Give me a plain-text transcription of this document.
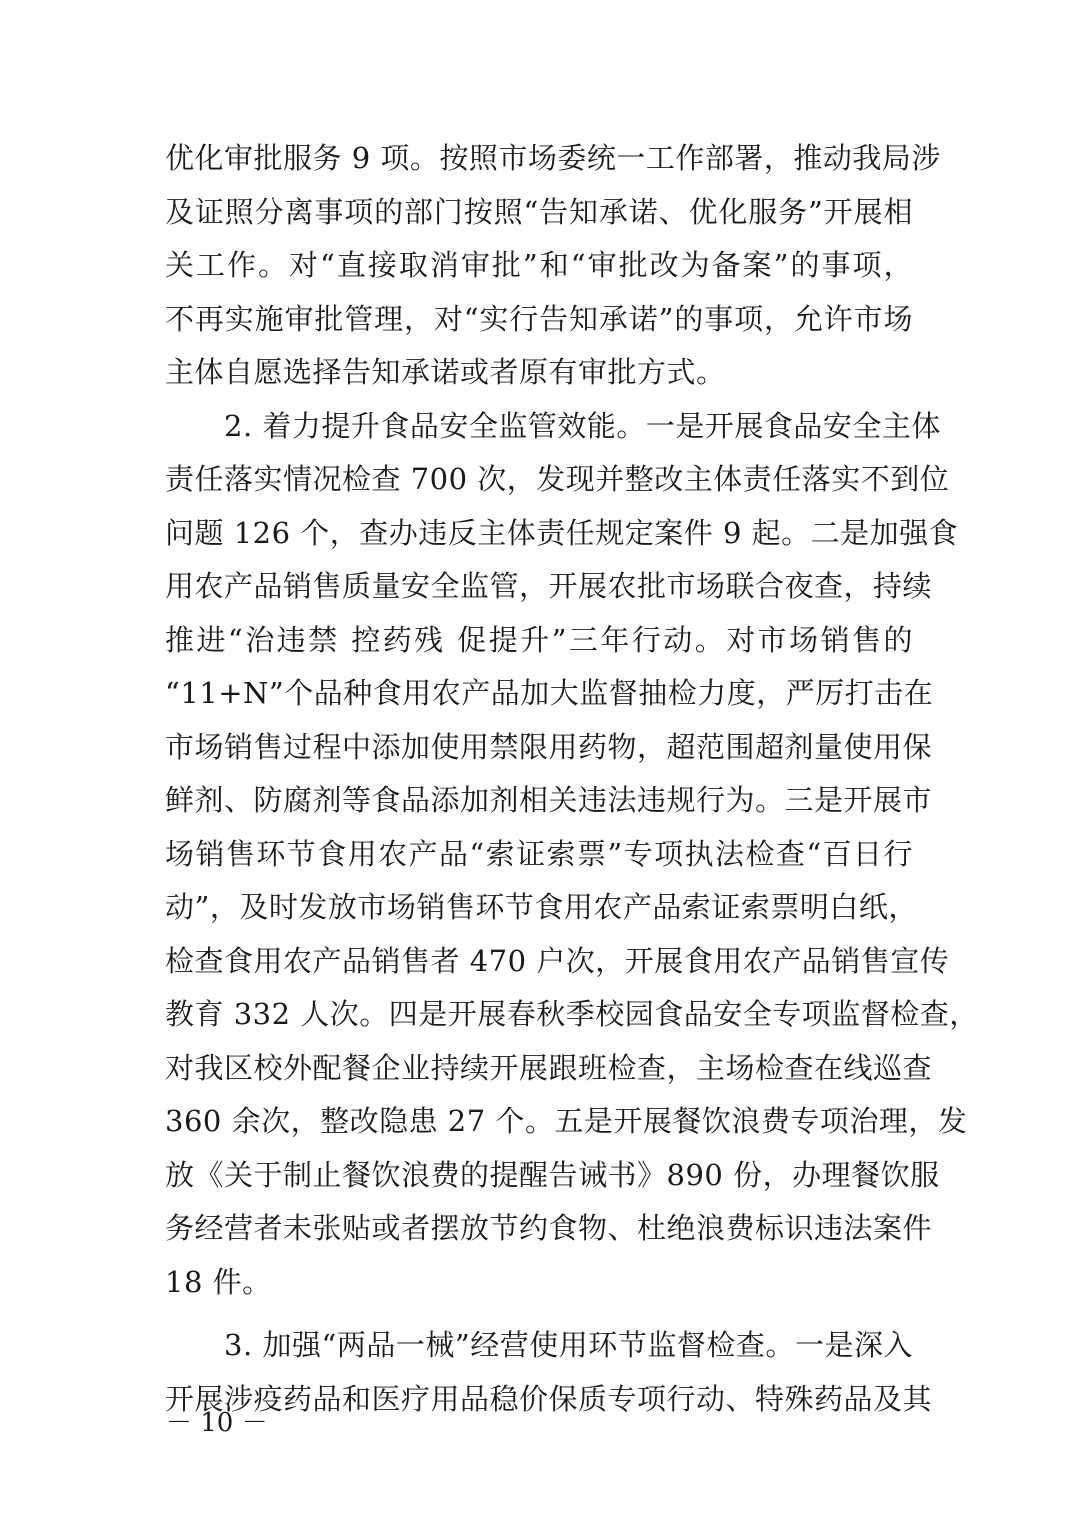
优化审批服务 9 项。按照市场委统一工作部署，推动我局涉
及证照分离事项的部门按照“告知承诺、优化服务”开展相
关工作。对“直接取消审批”和“审批改为备案”的事项，
不再实施审批管理，对“实行告知承诺”的事项，允许市场
主体自愿选择告知承诺或者原有审批方式。
　　2. 着力提升食品安全监管效能。一是开展食品安全主体
责任落实情况检查 700 次，发现并整改主体责任落实不到位
问题 126 个，查办违反主体责任规定案件 9 起。二是加强食
用农产品销售质量安全监管，开展农批市场联合夜查，持续
推进“治违禁 控药残 促提升”三年行动。对市场销售的
“11+N”个品种食用农产品加大监督抽检力度，严厉打击在
市场销售过程中添加使用禁限用药物，超范围超剂量使用保
鲜剂、防腐剂等食品添加剂相关违法违规行为。三是开展市
场销售环节食用农产品“索证索票”专项执法检查“百日行
动”，及时发放市场销售环节食用农产品索证索票明白纸，
检查食用农产品销售者 470 户次，开展食用农产品销售宣传
教育 332 人次。四是开展春秋季校园食品安全专项监督检查，
对我区校外配餐企业持续开展跟班检查，主场检查在线巡查
360 余次，整改隐患 27 个。五是开展餐饮浪费专项治理，发
放《关于制止餐饮浪费的提醒告诫书》890 份，办理餐饮服
务经营者未张贴或者摆放节约食物、杜绝浪费标识违法案件
18 件。
　　3. 加强“两品一械”经营使用环节监督检查。一是深入
开展涉疫药品和医疗用品稳价保质专项行动、特殊药品及其
－ 10 －
